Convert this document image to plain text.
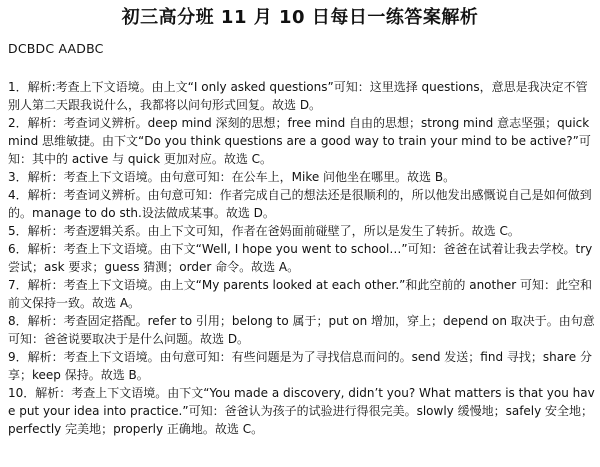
初三高分班 11 月 10 日每日一练答案解析
DCBDC AADBC

1．解析:考查上下文语境。由上文“I only asked questions”可知：这里选择 questions，意思是我决定不管别人第二天跟我说什么，我都将以问句形式回复。故选 D。

2．解析：考查词义辨析。deep mind 深刻的思想；free mind 自由的思想；strong mind 意志坚强；quick mind 思维敏捷。由下文“Do you think questions are a good way to train your mind to be active?”可知：其中的 active 与 quick 更加对应。故选 C。

3．解析：考查上下文语境。由句意可知：在公车上，Mike 问他坐在哪里。故选 B。

4．解析：考查词义辨析。由句意可知：作者完成自己的想法还是很顺利的，所以他发出感慨说自己是如何做到的。manage to do sth.设法做成某事。故选 D。

5．解析：考查逻辑关系。由上下文可知，作者在爸妈面前碰壁了，所以是发生了转折。故选 C。

6．解析：考查上下文语境。由下文“Well, I hope you went to school…”可知：爸爸在试着让我去学校。try 尝试；ask 要求；guess 猜测；order 命令。故选 A。

7．解析：考查上下文语境。由上文“My parents looked at each other.”和此空前的 another 可知：此空和前文保持一致。故选 A。

8．解析：考查固定搭配。refer to 引用；belong to 属于；put on 增加，穿上；depend on 取决于。由句意可知：爸爸说要取决于是什么问题。故选 D。

9．解析：考查上下文语境。由句意可知：有些问题是为了寻找信息而问的。send 发送；find 寻找；share 分享；keep 保持。故选 B。

10．解析：考查上下文语境。由下文“You made a discovery, didn’t you? What matters is that you have put your idea into practice.”可知：爸爸认为孩子的试验进行得很完美。slowly 缓慢地；safely 安全地；perfectly 完美地；properly 正确地。故选 C。
